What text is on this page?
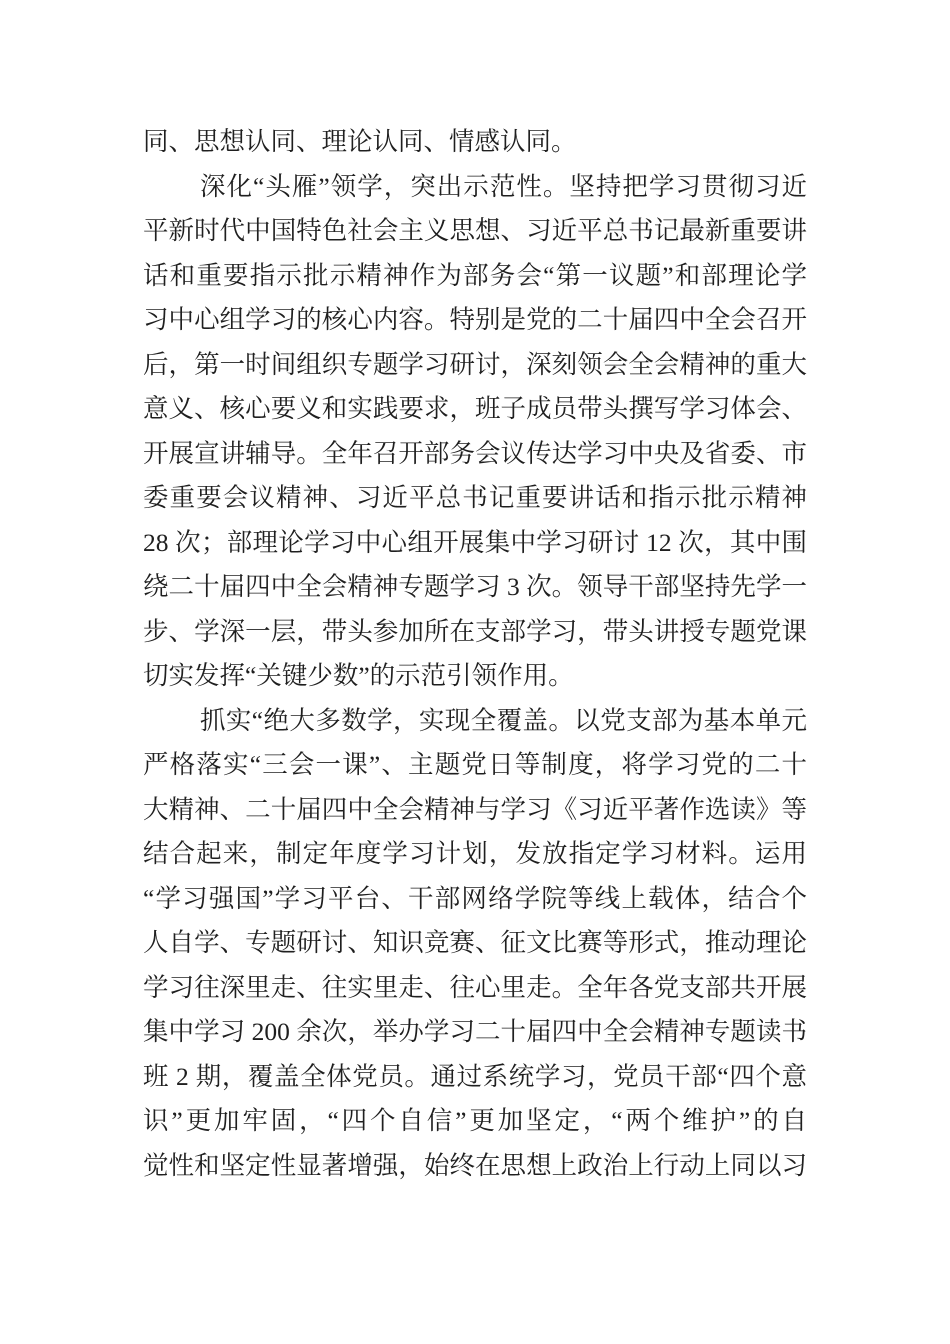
同、思想认同、理论认同、情感认同。
深化“头雁”领学，突出示范性。坚持把学习贯彻习近
平新时代中国特色社会主义思想、习近平总书记最新重要讲
话和重要指示批示精神作为部务会“第一议题”和部理论学
习中心组学习的核心内容。特别是党的二十届四中全会召开
后，第一时间组织专题学习研讨，深刻领会全会精神的重大
意义、核心要义和实践要求，班子成员带头撰写学习体会、
开展宣讲辅导。全年召开部务会议传达学习中央及省委、市
委重要会议精神、习近平总书记重要讲话和指示批示精神
28 次；部理论学习中心组开展集中学习研讨 12 次，其中围
绕二十届四中全会精神专题学习 3 次。领导干部坚持先学一
步、学深一层，带头参加所在支部学习，带头讲授专题党课
切实发挥“关键少数”的示范引领作用。
抓实“绝大多数学，实现全覆盖。以党支部为基本单元
严格落实“三会一课”、主题党日等制度，将学习党的二十
大精神、二十届四中全会精神与学习《习近平著作选读》等
结合起来，制定年度学习计划，发放指定学习材料。运用
“学习强国”学习平台、干部网络学院等线上载体，结合个
人自学、专题研讨、知识竞赛、征文比赛等形式，推动理论
学习往深里走、往实里走、往心里走。全年各党支部共开展
集中学习 200 余次，举办学习二十届四中全会精神专题读书
班 2 期，覆盖全体党员。通过系统学习，党员干部“四个意
识”更加牢固，“四个自信”更加坚定，“两个维护”的自
觉性和坚定性显著增强，始终在思想上政治上行动上同以习
